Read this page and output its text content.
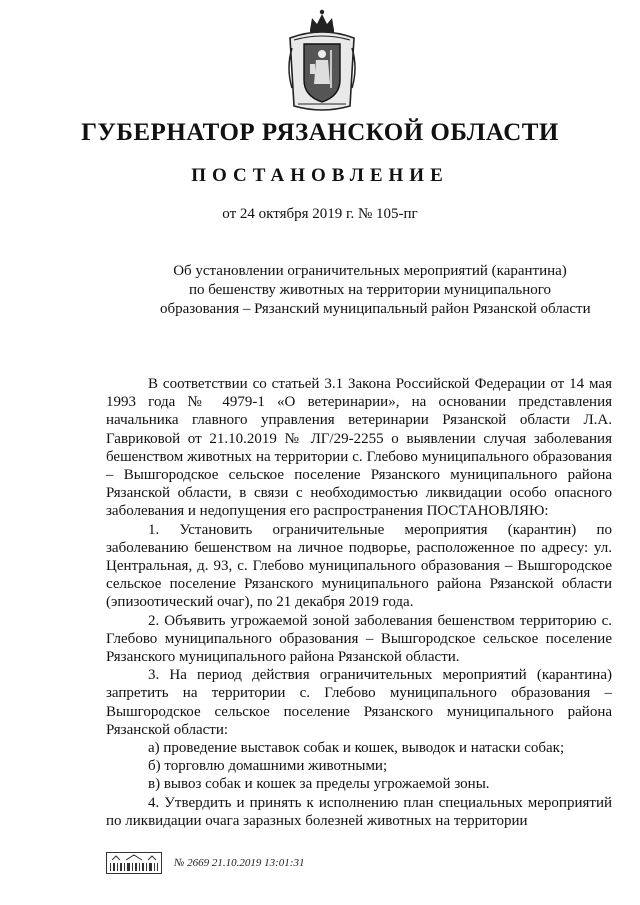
ГУБЕРНАТОР РЯЗАНСКОЙ ОБЛАСТИ
ПОСТАНОВЛЕНИЕ
от 24 октября 2019 г. № 105-пг
Об установлении ограничительных мероприятий (карантина)
по бешенству животных на территории муниципального
образования – Рязанский муниципальный район Рязанской области

В соответствии со статьей 3.1 Закона Российской Федерации от 14 мая 1993 года № 4979-1 «О ветеринарии», на основании представления начальника главного управления ветеринарии Рязанской области Л.А. Гавриковой от 21.10.2019 № ЛГ/29-2255 о выявлении случая заболевания бешенством животных на территории с. Глебово муниципального образования – Вышгородское сельское поселение Рязанского муниципального района Рязанской области, в связи с необходимостью ликвидации особо опасного заболевания и недопущения его распространения ПОСТАНОВЛЯЮ:

1. Установить ограничительные мероприятия (карантин) по заболеванию бешенством на личное подворье, расположенное по адресу: ул. Центральная, д. 93, с. Глебово муниципального образования – Вышгородское сельское поселение Рязанского муниципального района Рязанской области (эпизоотический очаг), по 21 декабря 2019 года.

2. Объявить угрожаемой зоной заболевания бешенством территорию с. Глебово муниципального образования – Вышгородское сельское поселение Рязанского муниципального района Рязанской области.

3. На период действия ограничительных мероприятий (карантина) запретить на территории с. Глебово муниципального образования – Вышгородское сельское поселение Рязанского муниципального района Рязанской области:

а) проведение выставок собак и кошек, выводок и натаски собак;

б) торговлю домашними животными;

в) вывоз собак и кошек за пределы угрожаемой зоны.

4. Утвердить и принять к исполнению план специальных мероприятий по ликвидации очага заразных болезней животных на территории

№ 2669 21.10.2019 13:01:31
